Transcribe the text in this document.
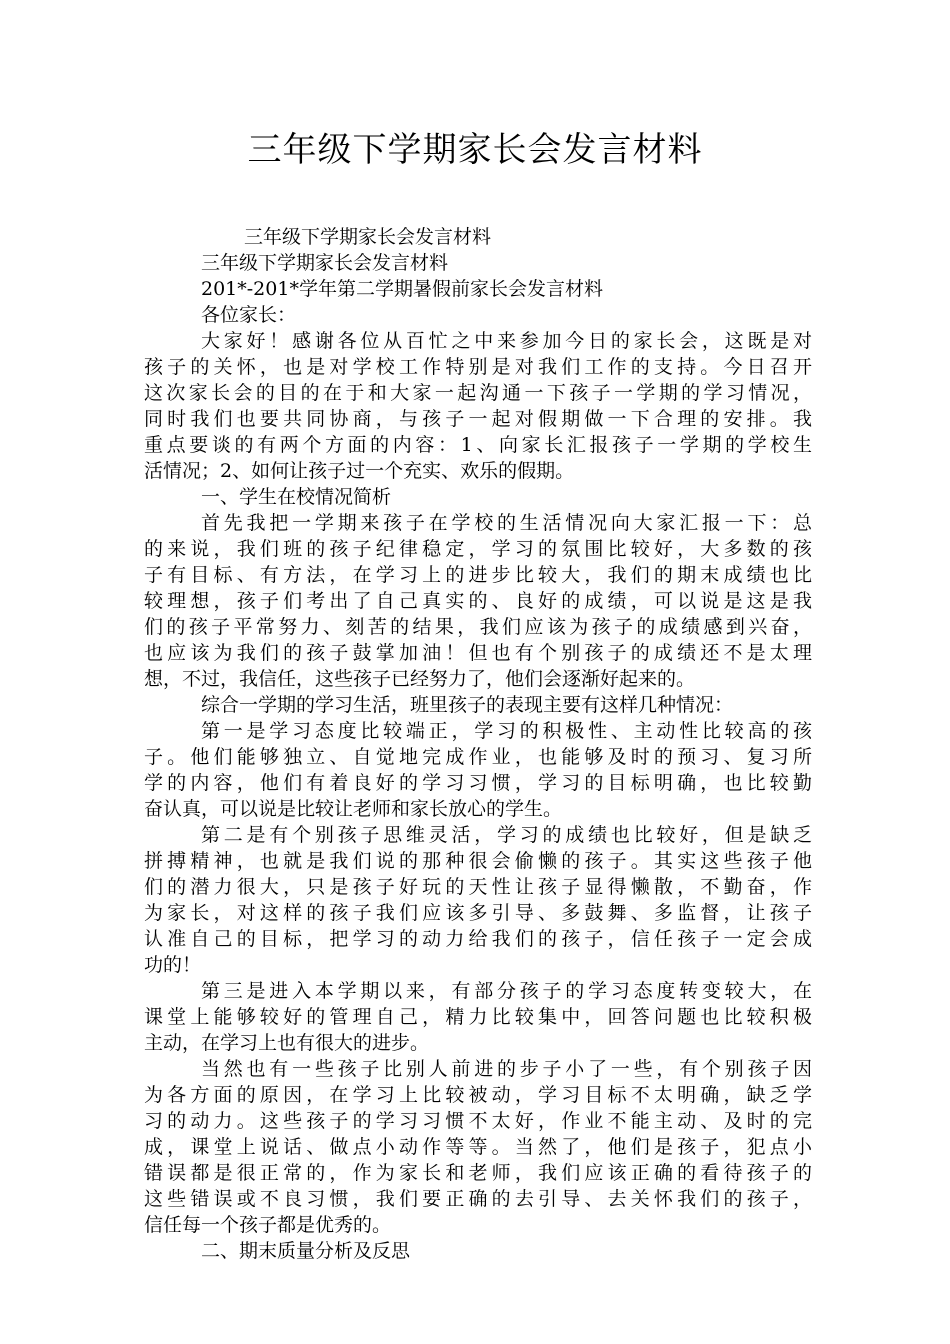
三年级下学期家长会发言材料
三年级下学期家长会发言材料
三年级下学期家长会发言材料
201*-201*学年第二学期暑假前家长会发言材料
各位家长：
大家好！感谢各位从百忙之中来参加今日的家长会，这既是对
孩子的关怀，也是对学校工作特别是对我们工作的支持。今日召开
这次家长会的目的在于和大家一起沟通一下孩子一学期的学习情况，
同时我们也要共同协商，与孩子一起对假期做一下合理的安排。我
重点要谈的有两个方面的内容：1、向家长汇报孩子一学期的学校生
活情况；2、如何让孩子过一个充实、欢乐的假期。
一、学生在校情况简析
首先我把一学期来孩子在学校的生活情况向大家汇报一下：总
的来说，我们班的孩子纪律稳定，学习的氛围比较好，大多数的孩
子有目标、有方法，在学习上的进步比较大，我们的期末成绩也比
较理想，孩子们考出了自己真实的、良好的成绩，可以说是这是我
们的孩子平常努力、刻苦的结果，我们应该为孩子的成绩感到兴奋，
也应该为我们的孩子鼓掌加油！但也有个别孩子的成绩还不是太理
想，不过，我信任，这些孩子已经努力了，他们会逐渐好起来的。
综合一学期的学习生活，班里孩子的表现主要有这样几种情况：
第一是学习态度比较端正，学习的积极性、主动性比较高的孩
子。他们能够独立、自觉地完成作业，也能够及时的预习、复习所
学的内容，他们有着良好的学习习惯，学习的目标明确，也比较勤
奋认真，可以说是比较让老师和家长放心的学生。
第二是有个别孩子思维灵活，学习的成绩也比较好，但是缺乏
拼搏精神，也就是我们说的那种很会偷懒的孩子。其实这些孩子他
们的潜力很大，只是孩子好玩的天性让孩子显得懒散，不勤奋，作
为家长，对这样的孩子我们应该多引导、多鼓舞、多监督，让孩子
认准自己的目标，把学习的动力给我们的孩子，信任孩子一定会成
功的！
第三是进入本学期以来，有部分孩子的学习态度转变较大，在
课堂上能够较好的管理自己，精力比较集中，回答问题也比较积极
主动，在学习上也有很大的进步。
当然也有一些孩子比别人前进的步子小了一些，有个别孩子因
为各方面的原因，在学习上比较被动，学习目标不太明确，缺乏学
习的动力。这些孩子的学习习惯不太好，作业不能主动、及时的完
成，课堂上说话、做点小动作等等。当然了，他们是孩子，犯点小
错误都是很正常的，作为家长和老师，我们应该正确的看待孩子的
这些错误或不良习惯，我们要正确的去引导、去关怀我们的孩子，
信任每一个孩子都是优秀的。
二、期末质量分析及反思
